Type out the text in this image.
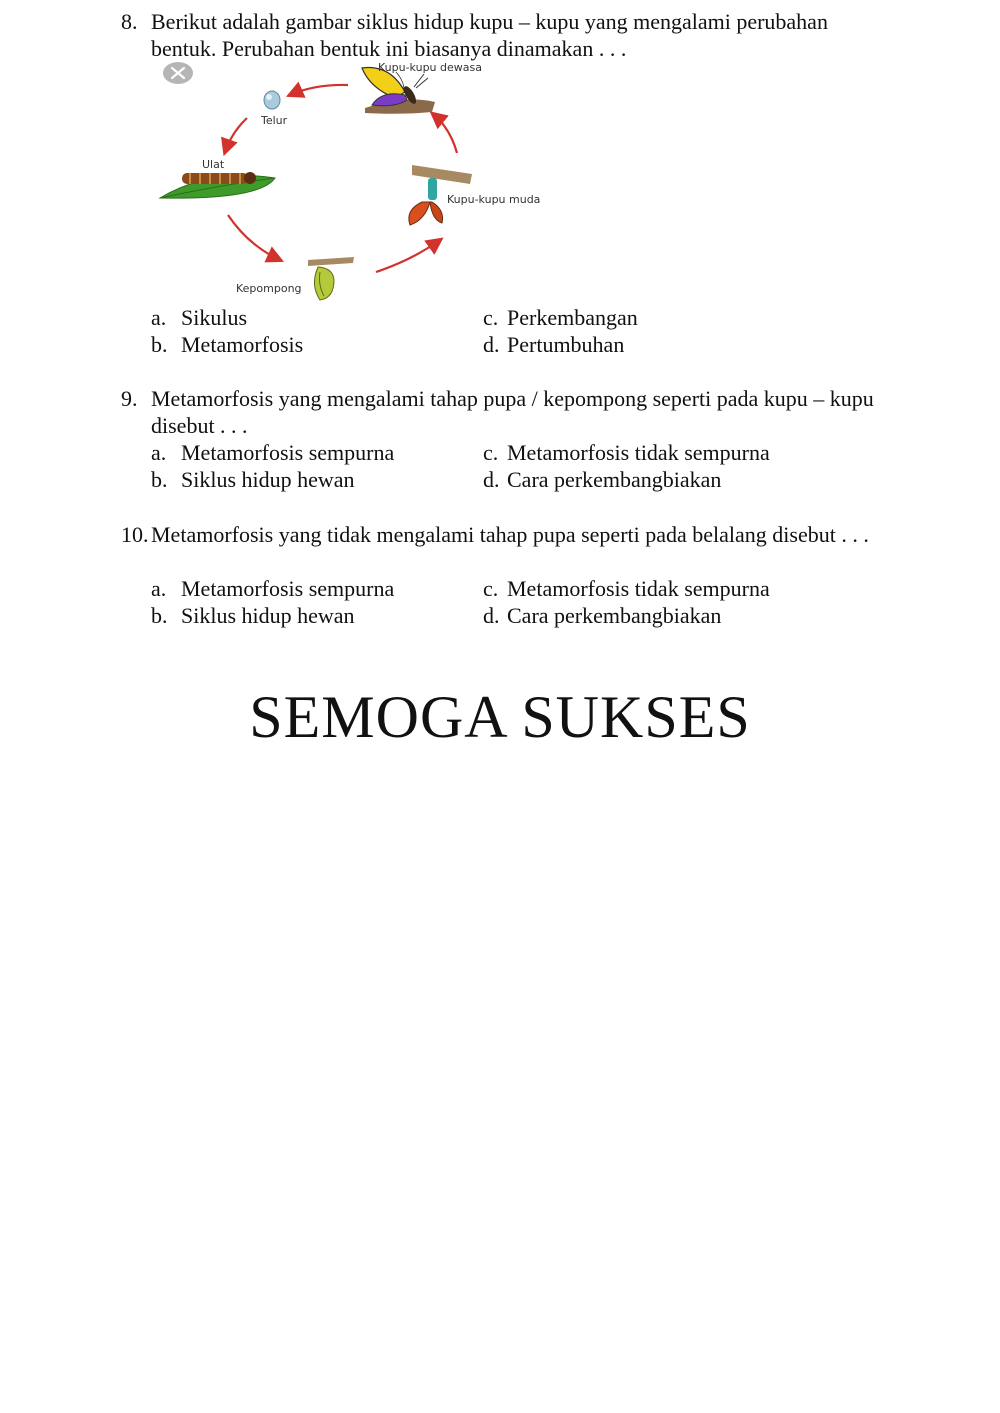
8. Berikut adalah gambar siklus hidup kupu – kupu yang mengalami perubahan bentuk. Perubahan bentuk ini biasanya dinamakan . . .
Kupu-kupu dewasa
Telur
Ulat
Kupu-kupu muda
Kepompong
a. Sikulus
b. Metamorfosis
c. Perkembangan
d. Pertumbuhan
9. Metamorfosis yang mengalami tahap pupa / kepompong seperti pada kupu – kupu disebut . . .
a. Metamorfosis sempurna
b. Siklus hidup hewan
c. Metamorfosis tidak sempurna
d. Cara perkembangbiakan
10. Metamorfosis yang tidak mengalami tahap pupa seperti pada belalang disebut . . .
a. Metamorfosis sempurna
b. Siklus hidup hewan
c. Metamorfosis tidak sempurna
d. Cara perkembangbiakan
SEMOGA SUKSES
